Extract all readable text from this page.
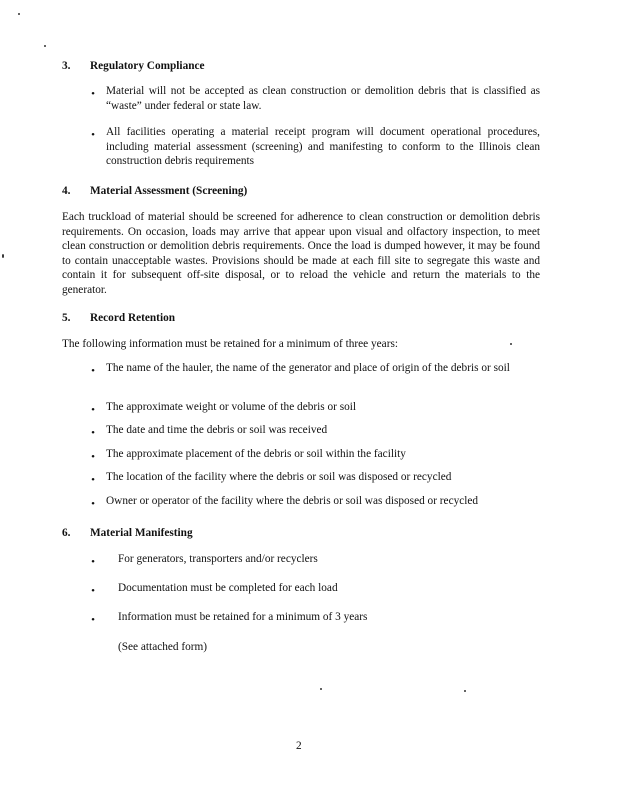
3. Regulatory Compliance
• Material will not be accepted as clean construction or demolition debris that is classified as “waste” under federal or state law.
• All facilities operating a material receipt program will document operational procedures, including material assessment (screening) and manifesting to conform to the Illinois clean construction debris requirements
4. Material Assessment (Screening)
Each truckload of material should be screened for adherence to clean construction or demolition debris requirements. On occasion, loads may arrive that appear upon visual and olfactory inspection, to meet clean construction or demolition debris requirements. Once the load is dumped however, it may be found to contain unacceptable wastes. Provisions should be made at each fill site to segregate this waste and contain it for subsequent off-site disposal, or to reload the vehicle and return the materials to the generator.
5. Record Retention
The following information must be retained for a minimum of three years:
• The name of the hauler, the name of the generator and place of origin of the debris or soil
• The approximate weight or volume of the debris or soil
• The date and time the debris or soil was received
• The approximate placement of the debris or soil within the facility
• The location of the facility where the debris or soil was disposed or recycled
• Owner or operator of the facility where the debris or soil was disposed or recycled
6. Material Manifesting
• For generators, transporters and/or recyclers
• Documentation must be completed for each load
• Information must be retained for a minimum of 3 years
(See attached form)
2
